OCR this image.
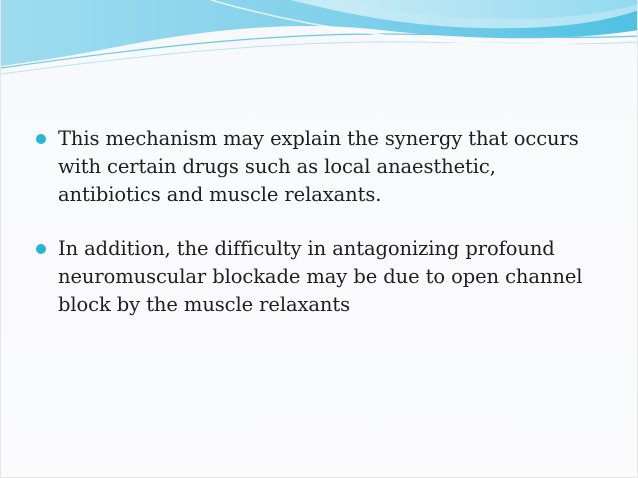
This mechanism may explain the synergy that occurs with certain drugs such as local anaesthetic, antibiotics and muscle relaxants.
In addition, the difficulty in antagonizing profound neuromuscular blockade may be due to open channel block by the muscle relaxants
